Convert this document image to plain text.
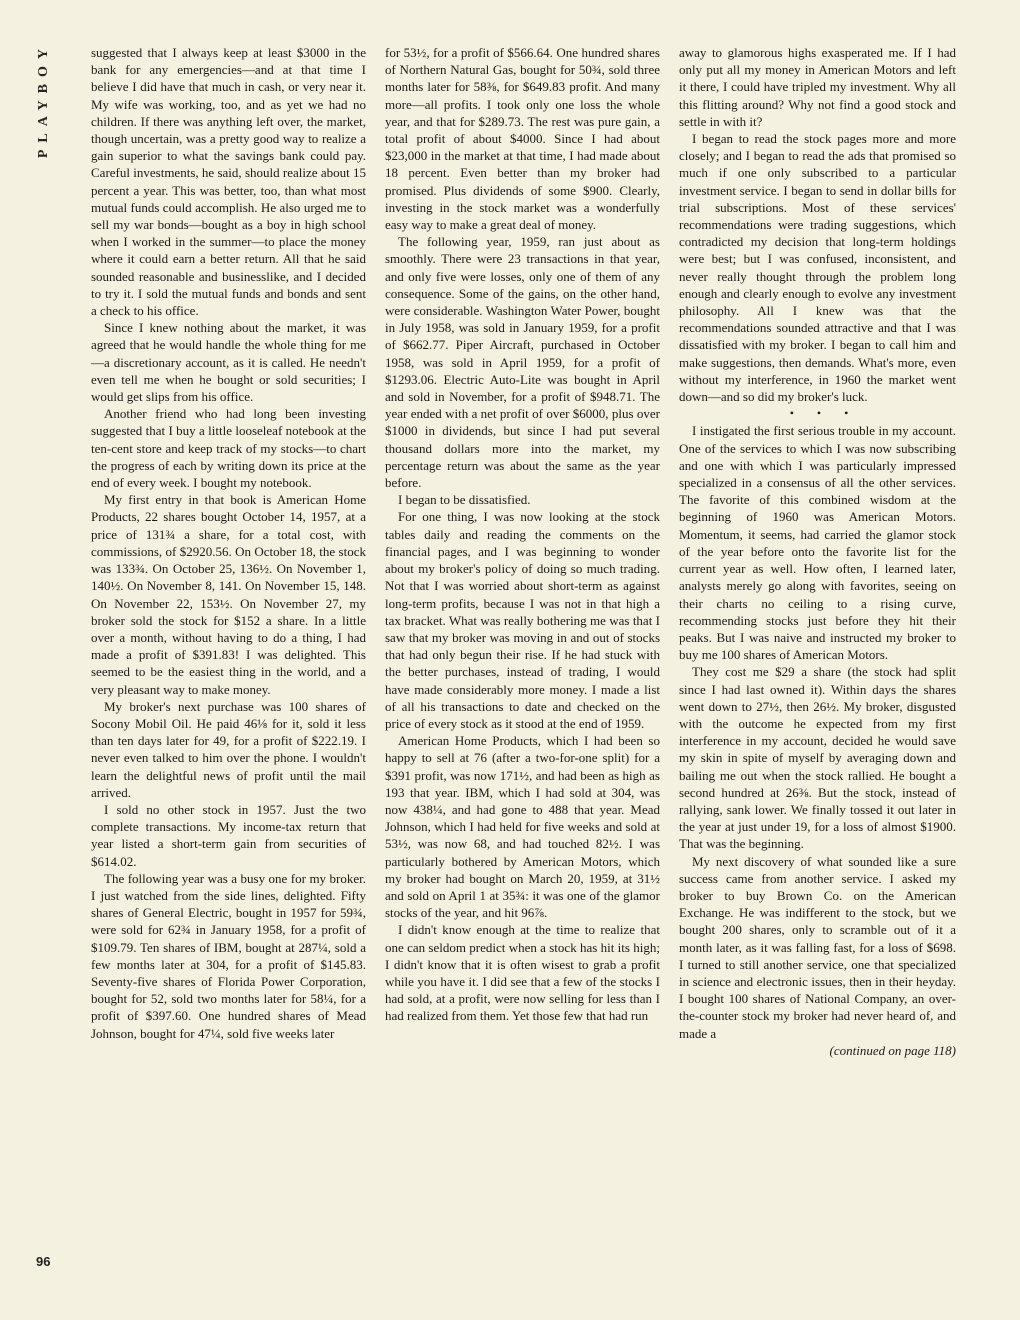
PLAYBOY	suggested that I always keep at least $3000 in the bank for any emergencies—and at that time I believe I did have that much in cash, or very near it. My wife was working, too, and as yet we had no children. If there was anything left over, the market, though uncertain, was a pretty good way to realize a gain superior to what the savings bank could pay. Careful investments, he said, should realize about 15 percent a year. This was better, too, than what most mutual funds could accomplish. He also urged me to sell my war bonds—bought as a boy in high school when I worked in the summer—to place the money where it could earn a better return. All that he said sounded reasonable and businesslike, and I decided to try it. I sold the mutual funds and bonds and sent a check to his office.

Since I knew nothing about the market, it was agreed that he would handle the whole thing for me—a discretionary account, as it is called. He needn't even tell me when he bought or sold securities; I would get slips from his office.

Another friend who had long been investing suggested that I buy a little looseleaf notebook at the ten-cent store and keep track of my stocks—to chart the progress of each by writing down its price at the end of every week. I bought my notebook.

My first entry in that book is American Home Products, 22 shares bought October 14, 1957, at a price of 131¾ a share, for a total cost, with commissions, of $2920.56. On October 18, the stock was 133¾. On October 25, 136½. On November 1, 140½. On November 8, 141. On November 15, 148. On November 22, 153½. On November 27, my broker sold the stock for $152 a share. In a little over a month, without having to do a thing, I had made a profit of $391.83! I was delighted. This seemed to be the easiest thing in the world, and a very pleasant way to make money.

My broker's next purchase was 100 shares of Socony Mobil Oil. He paid 46⅛ for it, sold it less than ten days later for 49, for a profit of $222.19. I never even talked to him over the phone. I wouldn't learn the delightful news of profit until the mail arrived.

I sold no other stock in 1957. Just the two complete transactions. My income-tax return that year listed a short-term gain from securities of $614.02.

The following year was a busy one for my broker. I just watched from the side lines, delighted. Fifty shares of General Electric, bought in 1957 for 59¾, were sold for 62¾ in January 1958, for a profit of $109.79. Ten shares of IBM, bought at 287¼, sold a few months later at 304, for a profit of $145.83. Seventy-five shares of Florida Power Corporation, bought for 52, sold two months later for 58¼, for a profit of $397.60. One hundred shares of Mead Johnson, bought for 47¼, sold five weeks later

for 53½, for a profit of $566.64. One hundred shares of Northern Natural Gas, bought for 50¾, sold three months later for 58⅜, for $649.83 profit. And many more—all profits. I took only one loss the whole year, and that for $289.73. The rest was pure gain, a total profit of about $4000. Since I had about $23,000 in the market at that time, I had made about 18 percent. Even better than my broker had promised. Plus dividends of some $900. Clearly, investing in the stock market was a wonderfully easy way to make a great deal of money.

The following year, 1959, ran just about as smoothly. There were 23 transactions in that year, and only five were losses, only one of them of any consequence. Some of the gains, on the other hand, were considerable. Washington Water Power, bought in July 1958, was sold in January 1959, for a profit of $662.77. Piper Aircraft, purchased in October 1958, was sold in April 1959, for a profit of $1293.06. Electric Auto-Lite was bought in April and sold in November, for a profit of $948.71. The year ended with a net profit of over $6000, plus over $1000 in dividends, but since I had put several thousand dollars more into the market, my percentage return was about the same as the year before.

I began to be dissatisfied.

For one thing, I was now looking at the stock tables daily and reading the comments on the financial pages, and I was beginning to wonder about my broker's policy of doing so much trading. Not that I was worried about short-term as against long-term profits, because I was not in that high a tax bracket. What was really bothering me was that I saw that my broker was moving in and out of stocks that had only begun their rise. If he had stuck with the better purchases, instead of trading, I would have made considerably more money. I made a list of all his transactions to date and checked on the price of every stock as it stood at the end of 1959.

American Home Products, which I had been so happy to sell at 76 (after a two-for-one split) for a $391 profit, was now 171½, and had been as high as 193 that year. IBM, which I had sold at 304, was now 438¼, and had gone to 488 that year. Mead Johnson, which I had held for five weeks and sold at 53½, was now 68, and had touched 82½. I was particularly bothered by American Motors, which my broker had bought on March 20, 1959, at 31½ and sold on April 1 at 35¾: it was one of the glamor stocks of the year, and hit 96⅞.

I didn't know enough at the time to realize that one can seldom predict when a stock has hit its high; I didn't know that it is often wisest to grab a profit while you have it. I did see that a few of the stocks I had sold, at a profit, were now selling for less than I had realized from them. Yet those few that had run

away to glamorous highs exasperated me. If I had only put all my money in American Motors and left it there, I could have tripled my investment. Why all this flitting around? Why not find a good stock and settle in with it?

I began to read the stock pages more and more closely; and I began to read the ads that promised so much if one only subscribed to a particular investment service. I began to send in dollar bills for trial subscriptions. Most of these services' recommendations were trading suggestions, which contradicted my decision that long-term holdings were best; but I was confused, inconsistent, and never really thought through the problem long enough and clearly enough to evolve any investment philosophy. All I knew was that the recommendations sounded attractive and that I was dissatisfied with my broker. I began to call him and make suggestions, then demands. What's more, even without my interference, in 1960 the market went down—and so did my broker's luck.

• • •

I instigated the first serious trouble in my account. One of the services to which I was now subscribing and one with which I was particularly impressed specialized in a consensus of all the other services. The favorite of this combined wisdom at the beginning of 1960 was American Motors. Momentum, it seems, had carried the glamor stock of the year before onto the favorite list for the current year as well. How often, I learned later, analysts merely go along with favorites, seeing on their charts no ceiling to a rising curve, recommending stocks just before they hit their peaks. But I was naive and instructed my broker to buy me 100 shares of American Motors.

They cost me $29 a share (the stock had split since I had last owned it). Within days the shares went down to 27½, then 26½. My broker, disgusted with the outcome he expected from my first interference in my account, decided he would save my skin in spite of myself by averaging down and bailing me out when the stock rallied. He bought a second hundred at 26⅜. But the stock, instead of rallying, sank lower. We finally tossed it out later in the year at just under 19, for a loss of almost $1900. That was the beginning.

My next discovery of what sounded like a sure success came from another service. I asked my broker to buy Brown Co. on the American Exchange. He was indifferent to the stock, but we bought 200 shares, only to scramble out of it a month later, as it was falling fast, for a loss of $698. I turned to still another service, one that specialized in science and electronic issues, then in their heyday. I bought 100 shares of National Company, an over-the-counter stock my broker had never heard of, and made a

(continued on page 118)

96
